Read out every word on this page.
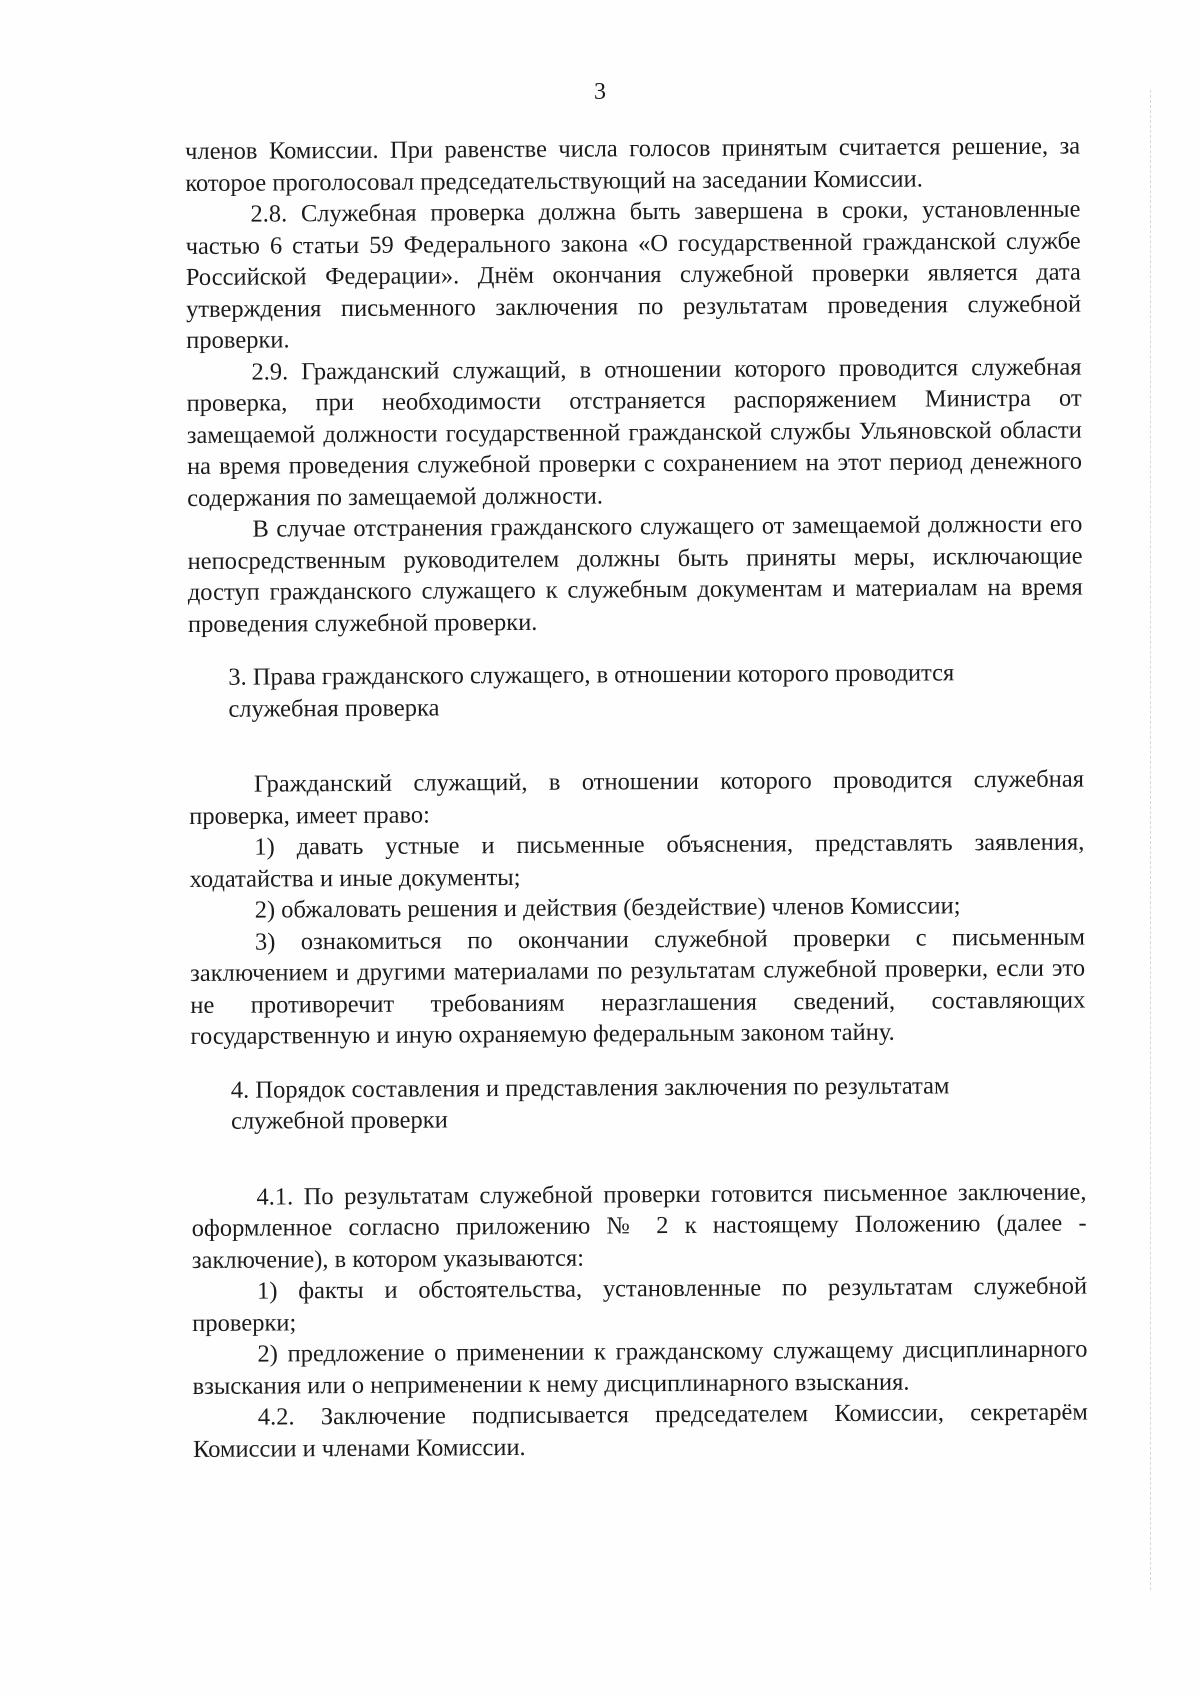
3

членов Комиссии. При равенстве числа голосов принятым считается решение, за которое проголосовал председательствующий на заседании Комиссии.

2.8. Служебная проверка должна быть завершена в сроки, установленные частью 6 статьи 59 Федерального закона «О государственной гражданской службе Российской Федерации». Днём окончания служебной проверки является дата утверждения письменного заключения по результатам проведения служебной проверки.

2.9. Гражданский служащий, в отношении которого проводится служебная проверка, при необходимости отстраняется распоряжением Министра от замещаемой должности государственной гражданской службы Ульяновской области на время проведения служебной проверки с сохранением на этот период денежного содержания по замещаемой должности.

В случае отстранения гражданского служащего от замещаемой должности его непосредственным руководителем должны быть приняты меры, исключающие доступ гражданского служащего к служебным документам и материалам на время проведения служебной проверки.

3. Права гражданского служащего, в отношении которого проводится

служебная проверка

Гражданский служащий, в отношении которого проводится служебная проверка, имеет право:

1) давать устные и письменные объяснения, представлять заявления, ходатайства и иные документы;

2) обжаловать решения и действия (бездействие) членов Комиссии;

3) ознакомиться по окончании служебной проверки с письменным заключением и другими материалами по результатам служебной проверки, если это не противоречит требованиям неразглашения сведений, составляющих государственную и иную охраняемую федеральным законом тайну.

4. Порядок составления и представления заключения по результатам

служебной проверки

4.1. По результатам служебной проверки готовится письменное заключение, оформленное согласно приложению № 2 к настоящему Положению (далее - заключение), в котором указываются:

1) факты и обстоятельства, установленные по результатам служебной проверки;

2) предложение о применении к гражданскому служащему дисциплинарного взыскания или о неприменении к нему дисциплинарного взыскания.

4.2. Заключение подписывается председателем Комиссии, секретарём Комиссии и членами Комиссии.
